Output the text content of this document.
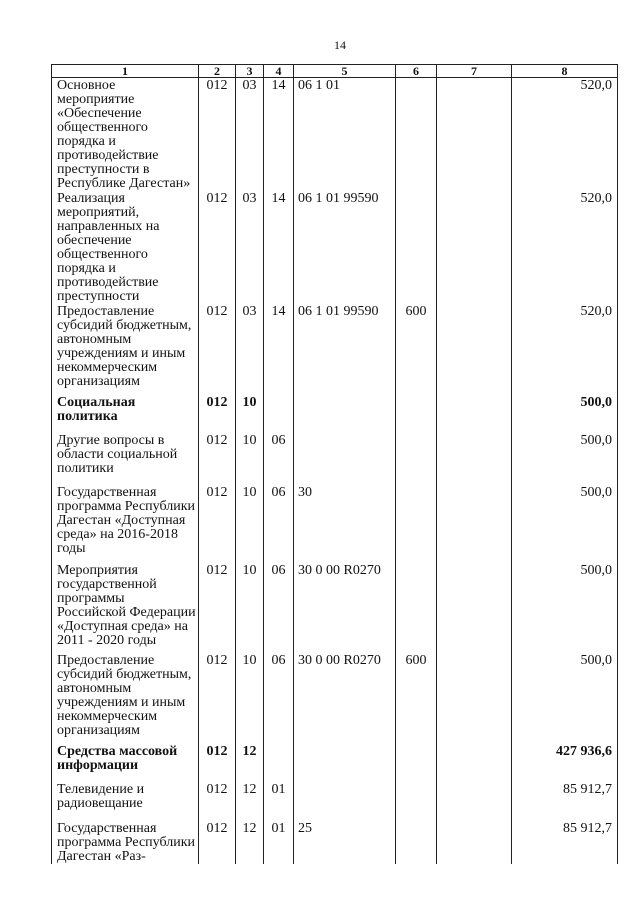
14
1	2	3	4	5	6	7	8
Основное мероприятие «Обеспечение общественного порядка и противодействие преступности в Республике Дагестан»	012	03	14	06 1 01			520,0
Реализация мероприятий, направленных на обеспечение общественного порядка и противодействие преступности	012	03	14	06 1 01 99590			520,0
Предоставление субсидий бюджетным, автономным учреждениям и иным некоммерческим организациям	012	03	14	06 1 01 99590	600		520,0
Социальная политика	012	10					500,0
Другие вопросы в области социальной политики	012	10	06				500,0
Государственная программа Республики Дагестан «Доступная среда» на 2016-2018 годы	012	10	06	30			500,0
Мероприятия государственной программы Российской Федерации «Доступная среда» на 2011 - 2020 годы	012	10	06	30 0 00 R0270			500,0
Предоставление субсидий бюджетным, автономным учреждениям и иным некоммерческим организациям	012	10	06	30 0 00 R0270	600		500,0
Средства массовой информации	012	12					427 936,6
Телевидение и радиовещание	012	12	01				85 912,7
Государственная программа Республики Дагестан «Раз-	012	12	01	25			85 912,7
